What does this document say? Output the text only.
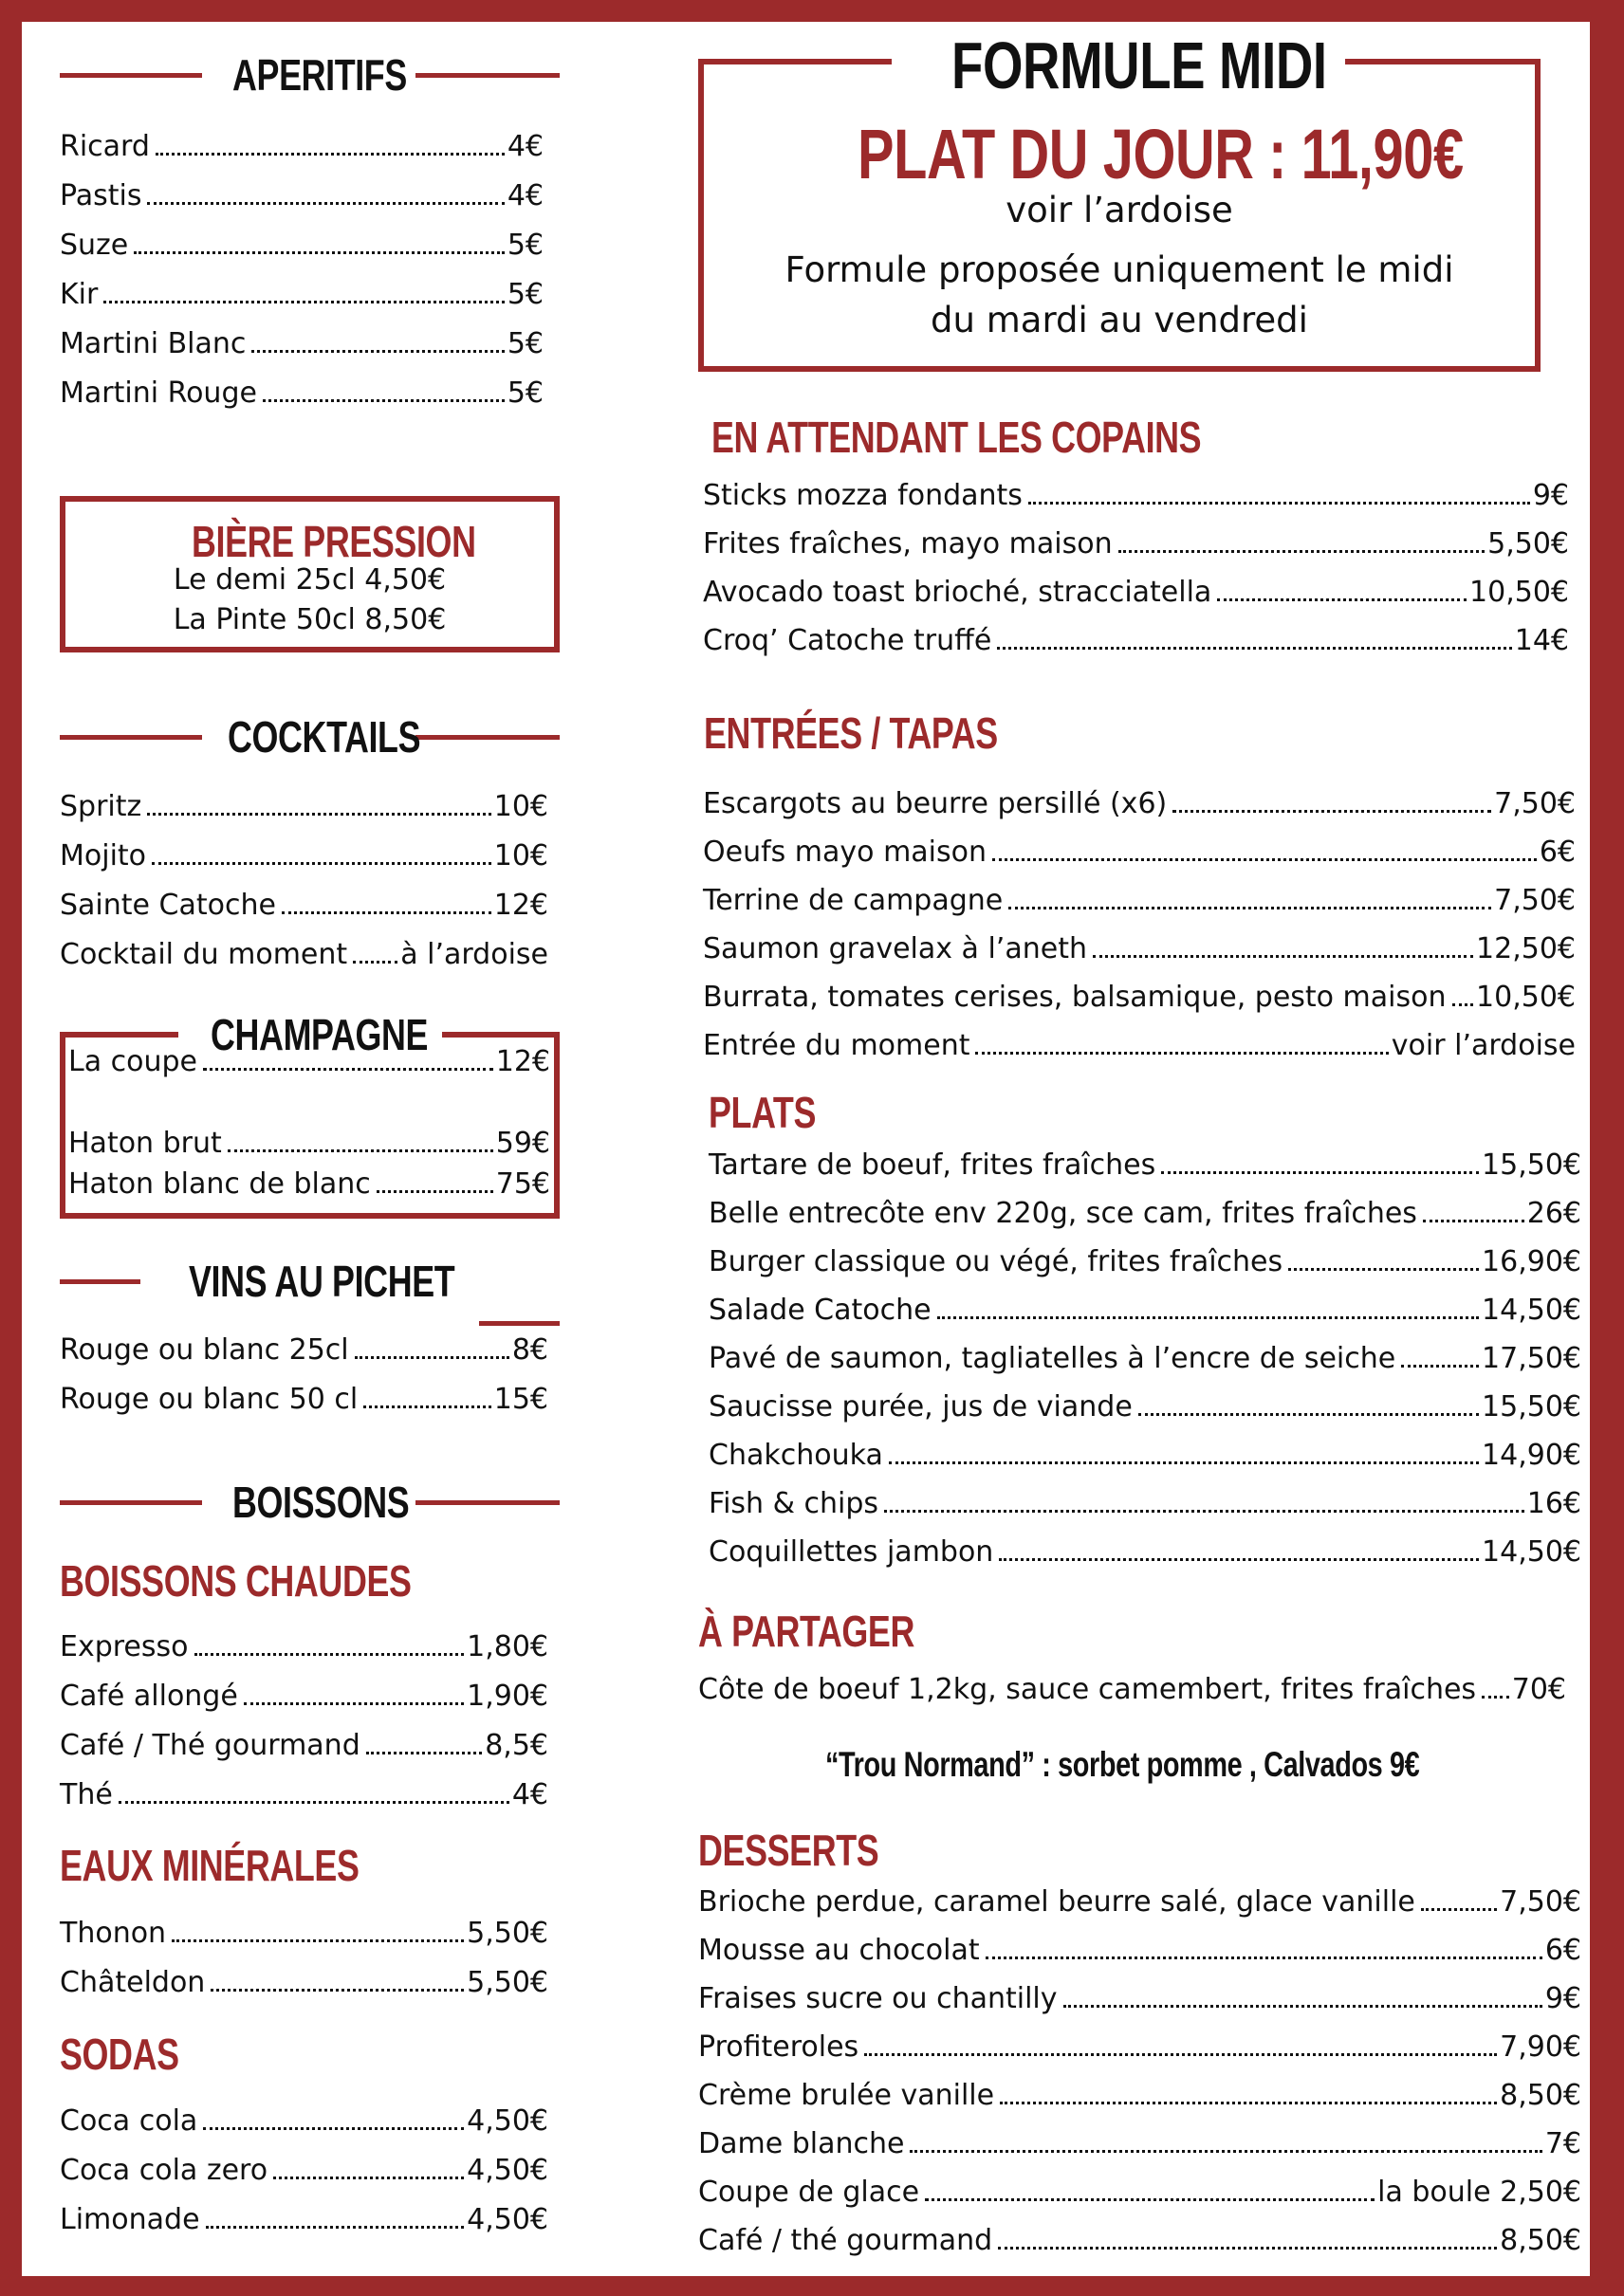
APERITIFS
Ricard	4€
Pastis	4€
Suze	5€
Kir	5€
Martini Blanc	5€
Martini Rouge	5€
BIÈRE PRESSION
Le demi 25cl 4,50€
La Pinte 50cl 8,50€
COCKTAILS
Spritz	10€
Mojito	10€
Sainte Catoche	12€
Cocktail du moment à l’ardoise
CHAMPAGNE
La coupe	12€
Haton brut	59€
Haton blanc de blanc	75€
VINS AU PICHET
Rouge ou blanc 25cl	8€
Rouge ou blanc 50 cl	15€
BOISSONS
BOISSONS CHAUDES
Expresso	1,80€
Café allongé	1,90€
Café / Thé gourmand	8,5€
Thé	4€
EAUX MINÉRALES
Thonon	5,50€
Châteldon	5,50€
SODAS
Coca cola	4,50€
Coca cola zero	4,50€
Limonade	4,50€
FORMULE MIDI
PLAT DU JOUR : 11,90€
voir l’ardoise
Formule proposée uniquement le midi
du mardi au vendredi
EN ATTENDANT LES COPAINS
Sticks mozza fondants	9€
Frites fraîches, mayo maison	5,50€
Avocado toast brioché, stracciatella	10,50€
Croq’ Catoche truffé	14€
ENTRÉES / TAPAS
Escargots au beurre persillé (x6)	7,50€
Oeufs mayo maison	6€
Terrine de campagne	7,50€
Saumon gravelax à l’aneth	12,50€
Burrata, tomates cerises, balsamique, pesto maison 10,50€
Entrée du moment	voir l’ardoise
PLATS
Tartare de boeuf, frites fraîches	15,50€
Belle entrecôte env 220g, sce cam, frites fraîches	26€
Burger classique ou végé, frites fraîches	16,90€
Salade Catoche	14,50€
Pavé de saumon, tagliatelles à l’encre de seiche	17,50€
Saucisse purée, jus de viande	15,50€
Chakchouka	14,90€
Fish & chips	16€
Coquillettes jambon	14,50€
À PARTAGER
Côte de boeuf 1,2kg, sauce camembert, frites fraîches 70€
“Trou Normand” : sorbet pomme , Calvados 9€
DESSERTS
Brioche perdue, caramel beurre salé, glace vanille	7,50€
Mousse au chocolat	6€
Fraises sucre ou chantilly	9€
Profiteroles	7,90€
Crème brulée vanille	8,50€
Dame blanche	7€
Coupe de glace	la boule 2,50€
Café / thé gourmand	8,50€
